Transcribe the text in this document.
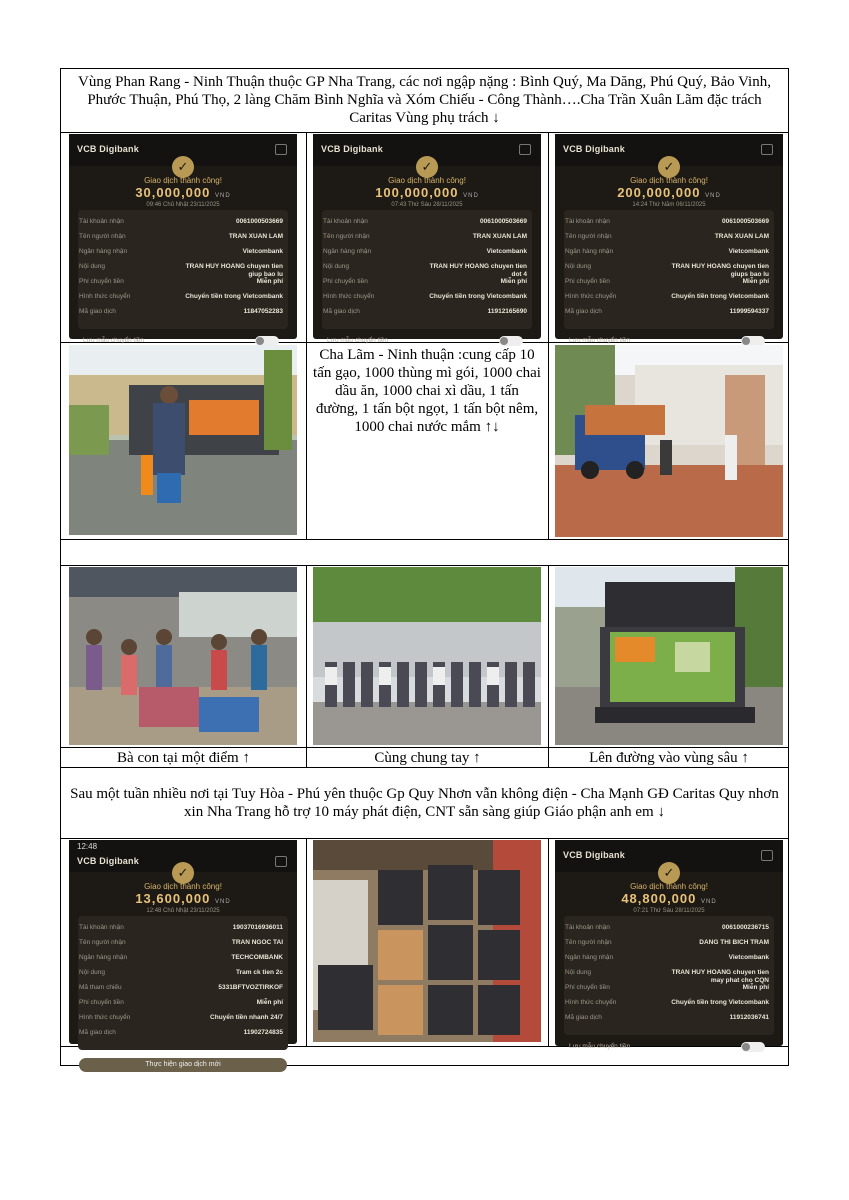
Vùng Phan Rang - Ninh Thuận thuộc GP Nha Trang, các nơi ngập nặng : Bình Quý, Ma Dăng, Phú Quý, Bảo Vinh, Phước Thuận, Phú Thọ, 2 làng Chăm Bình Nghĩa và Xóm Chiếu - Công Thành….Cha Trần Xuân Lãm đặc trách Caritas Vùng phụ trách ↓
VCB Digibank
✓
Giao dịch thành công!
30,000,000 VND
09:46 Chủ Nhật 23/11/2025
Tài khoản nhận	0061000503669
Tên người nhận	TRAN XUAN LAM
Ngân hàng nhận	Vietcombank
Nội dung	TRAN HUY HOANG chuyen tien giup bao lu
Phí chuyển tiền	Miễn phí
Hình thức chuyển	Chuyển tiền trong Vietcombank
Mã giao dịch	11847052283
Lưu mẫu chuyển tiền
VCB Digibank
✓
Giao dịch thành công!
100,000,000 VND
07:43 Thứ Sáu 28/11/2025
Tài khoản nhận	0061000503669
Tên người nhận	TRAN XUAN LAM
Ngân hàng nhận	Vietcombank
Nội dung	TRAN HUY HOANG chuyen tien dot 4
Phí chuyển tiền	Miễn phí
Hình thức chuyển	Chuyển tiền trong Vietcombank
Mã giao dịch	11912165690
Lưu mẫu chuyển tiền
VCB Digibank
✓
Giao dịch thành công!
200,000,000 VND
14:24 Thứ Năm 06/11/2025
Tài khoản nhận	0061000503669
Tên người nhận	TRAN XUAN LAM
Ngân hàng nhận	Vietcombank
Nội dung	TRAN HUY HOANG chuyen tien giups bao lu
Phí chuyển tiền	Miễn phí
Hình thức chuyển	Chuyển tiền trong Vietcombank
Mã giao dịch	11999594337
Lưu mẫu chuyển tiền
Cha Lãm - Ninh thuận :cung cấp 10 tấn gạo, 1000 thùng mì gói, 1000 chai dầu ăn, 1000 chai xì dầu, 1 tấn đường, 1 tấn bột ngọt, 1 tấn bột nêm, 1000 chai nước mắm ↑↓
Bà con tại một điểm ↑	Cùng chung tay ↑	Lên đường vào vùng sâu ↑
Sau một tuần nhiều nơi tại Tuy Hòa - Phú yên thuộc Gp Quy Nhơn vẫn không điện - Cha Mạnh GĐ Caritas Quy nhơn xin Nha Trang hỗ trợ 10 máy phát điện, CNT sẵn sàng giúp Giáo phận anh em ↓
12:48
VCB Digibank
✓
Giao dịch thành công!
13,600,000 VND
12:48 Chủ Nhật 23/11/2025
Tài khoản nhận	19037016936011
Tên người nhận	TRAN NGOC TAI
Ngân hàng nhận	TECHCOMBANK
Nội dung	Tram ck tien 2c
Mã tham chiếu	5331BFTVOZTIRKOF
Phí chuyển tiền	Miễn phí
Hình thức chuyển	Chuyển tiền nhanh 24/7
Mã giao dịch	11902724835
Thực hiện giao dịch mới
VCB Digibank
✓
Giao dịch thành công!
48,800,000 VND
07:21 Thứ Sáu 28/11/2025
Tài khoản nhận	0061000236715
Tên người nhận	DANG THI BICH TRAM
Ngân hàng nhận	Vietcombank
Nội dung	TRAN HUY HOANG chuyen tien may phat cho CQN
Phí chuyển tiền	Miễn phí
Hình thức chuyển	Chuyển tiền trong Vietcombank
Mã giao dịch	11912036741
Lưu mẫu chuyển tiền
